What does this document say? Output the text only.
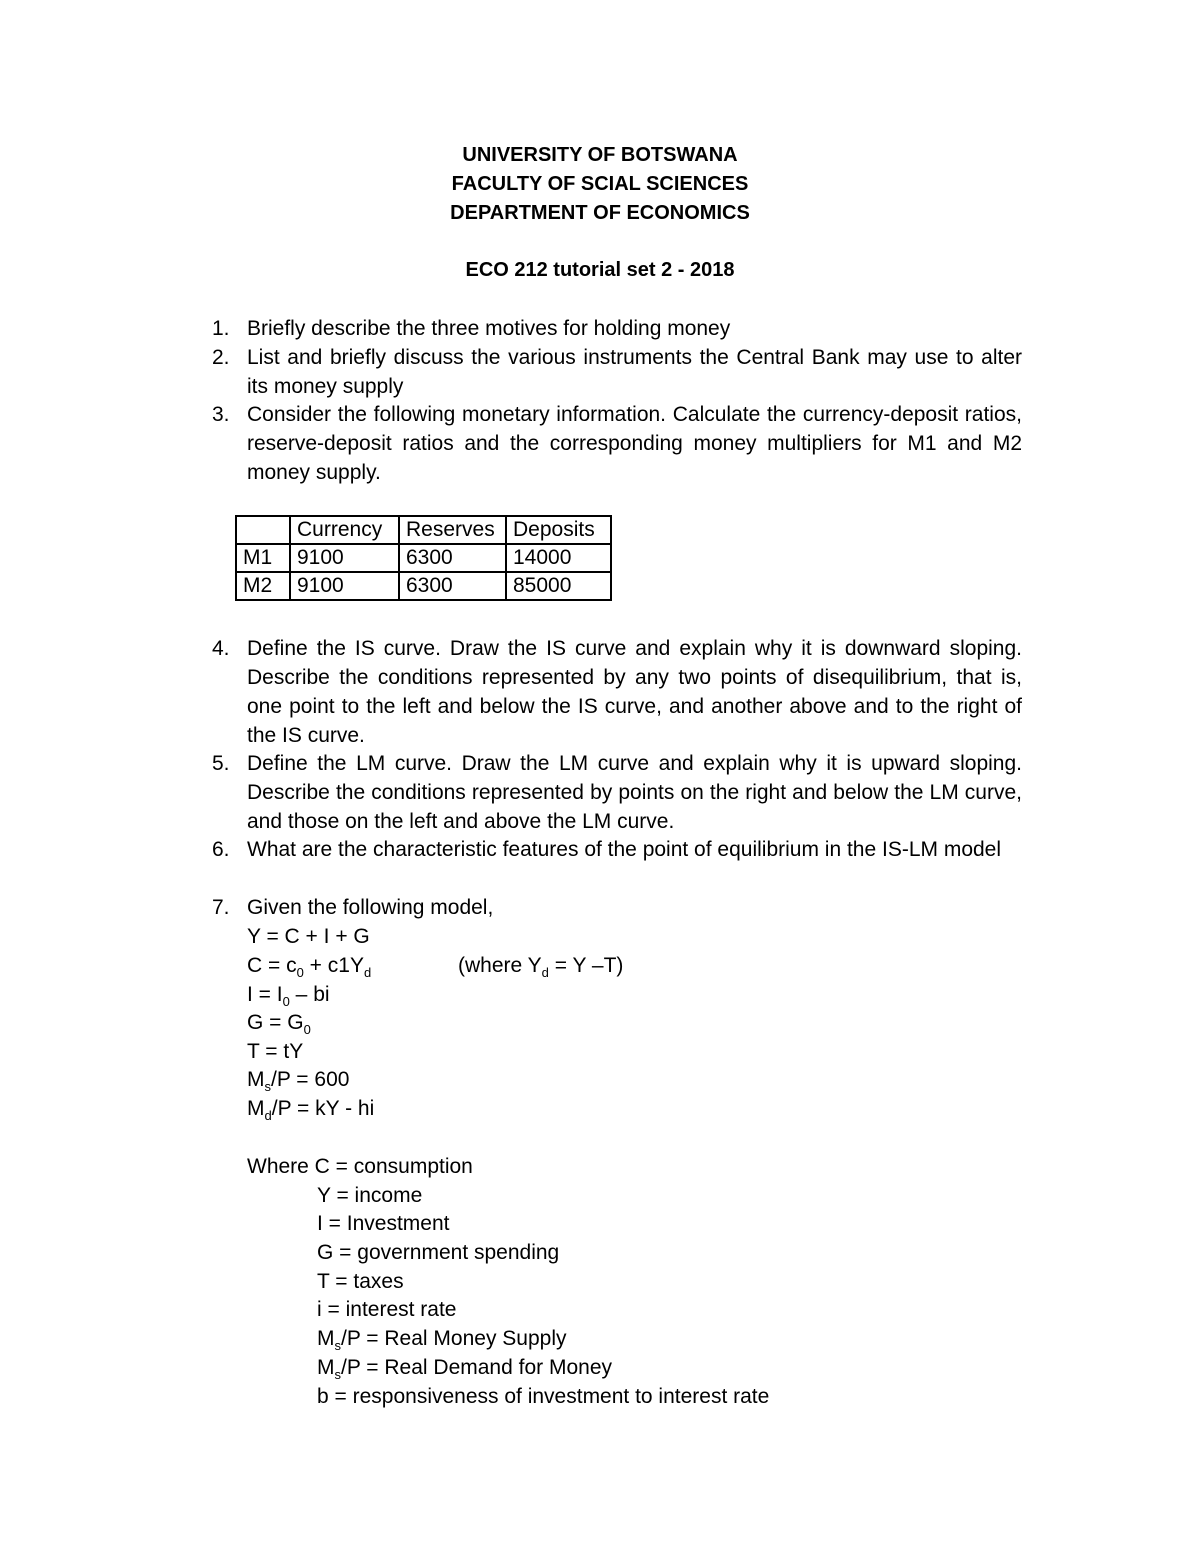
UNIVERSITY OF BOTSWANA
FACULTY OF SCIAL SCIENCES
DEPARTMENT OF ECONOMICS
ECO 212 tutorial set 2 - 2018
1. Briefly describe the three motives for holding money
2. List and briefly discuss the various instruments the Central Bank may use to alter its money supply
3. Consider the following monetary information. Calculate the currency-deposit ratios, reserve-deposit ratios and the corresponding money multipliers for M1 and M2 money supply.
	Currency	Reserves	Deposits
M1	9100	6300	14000
M2	9100	6300	85000
4. Define the IS curve. Draw the IS curve and explain why it is downward sloping. Describe the conditions represented by any two points of disequilibrium, that is, one point to the left and below the IS curve, and another above and to the right of the IS curve.
5. Define the LM curve. Draw the LM curve and explain why it is upward sloping. Describe the conditions represented by points on the right and below the LM curve, and those on the left and above the LM curve.
6. What are the characteristic features of the point of equilibrium in the IS-LM model
7. Given the following model,
Y = C + I + G
$C = c_0 + c1Y_d$	(where $Y_d = Y$ –T)
$I = I_0$ – bi
$G = G_0$
T = tY
$M_s/P = 600$
$M_d/P$ = kY - hi
Where C = consumption
Y = income
I = Investment
G = government spending
T = taxes
i = interest rate
$M_s/P$ = Real Money Supply
$M_s/P$ = Real Demand for Money
b = responsiveness of investment to interest rate
